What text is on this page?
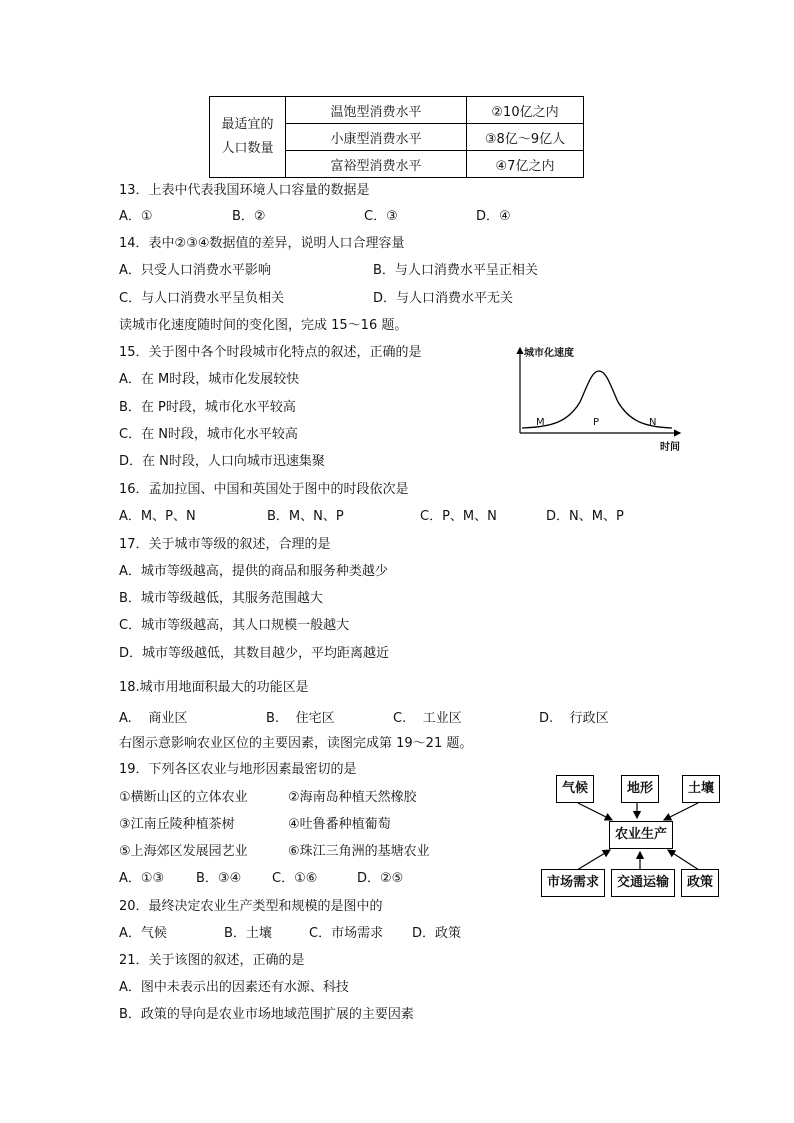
最适宜的
人口数量	温饱型消费水平	②10亿之内
	小康型消费水平	③8亿～9亿人
	富裕型消费水平	④7亿之内
13．上表中代表我国环境人口容量的数据是
A．①	B．②	C．③	D．④
14．表中②③④数据值的差异，说明人口合理容量
A．只受人口消费水平影响	B．与人口消费水平呈正相关
C．与人口消费水平呈负相关	D．与人口消费水平无关
读城市化速度随时间的变化图，完成 15～16 题。
15．关于图中各个时段城市化特点的叙述，正确的是
A．在 M时段，城市化发展较快
B．在 P时段，城市化水平较高
C．在 N时段，城市化水平较高
D．在 N时段，人口向城市迅速集聚
城市化速度
时间
M	P	N
16．孟加拉国、中国和英国处于图中的时段依次是
A．M、P、N	B．M、N、P	C．P、M、N	D．N、M、P
17．关于城市等级的叙述，合理的是
A．城市等级越高，提供的商品和服务种类越少
B．城市等级越低，其服务范围越大
C．城市等级越高，其人口规模一般越大
D．城市等级越低，其数目越少，平均距离越近
18.城市用地面积最大的功能区是
A.    商业区	B.    住宅区	C.    工业区	D.    行政区
右图示意影响农业区位的主要因素，读图完成第 19～21 题。
19．下列各区农业与地形因素最密切的是
①横断山区的立体农业	②海南岛种植天然橡胶
③江南丘陵种植茶树	④吐鲁番种植葡萄
⑤上海郊区发展园艺业	⑥珠江三角洲的基塘农业
A．①③ B．③④ C．①⑥	D．②⑤
气候	地形	土壤
农业生产
市场需求	交通运输	政策
20．最终决定农业生产类型和规模的是图中的
A．气候	B．土壤	C．市场需求 D．政策
21．关于该图的叙述，正确的是
A．图中未表示出的因素还有水源、科技
B．政策的导向是农业市场地域范围扩展的主要因素
